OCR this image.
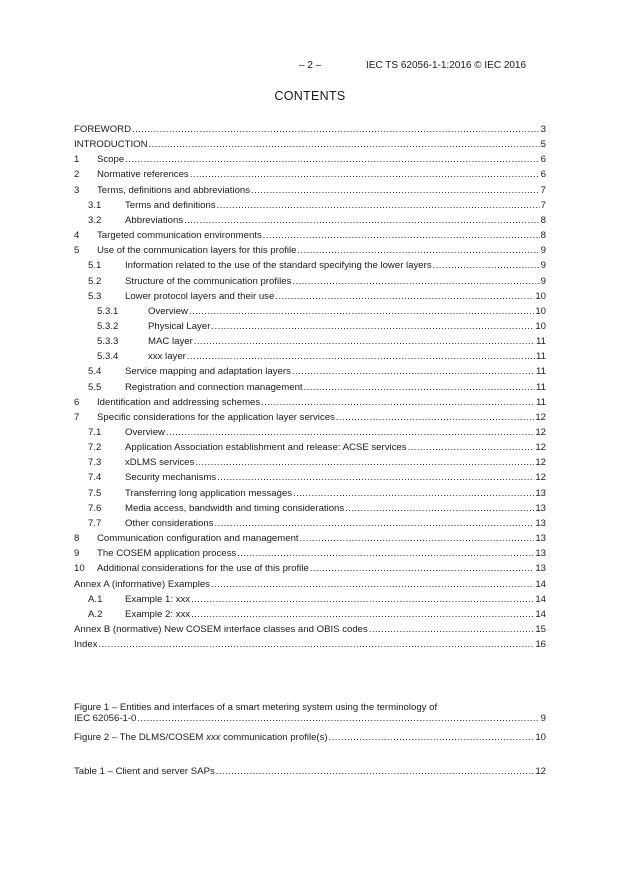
– 2 –	IEC TS 62056-1-1:2016 © IEC 2016
CONTENTS
FOREWORD .....	3
INTRODUCTION .....	5
1 Scope .....	6
2 Normative references .....	6
3 Terms, definitions and abbreviations .....	7
3.1 Terms and definitions .....	7
3.2 Abbreviations .....	8
4 Targeted communication environments .....	8
5 Use of the communication layers for this profile .....	9
5.1 Information related to the use of the standard specifying the lower layers .....	9
5.2 Structure of the communication profiles .....	9
5.3 Lower protocol layers and their use .....	10
5.3.1	Overview .....	10
5.3.2	Physical Layer .....	10
5.3.3	MAC layer .....	11
5.3.4	xxx layer .....	11
5.4 Service mapping and adaptation layers .....	11
5.5 Registration and connection management .....	11
6 Identification and addressing schemes .....	11
7 Specific considerations for the application layer services .....	12
7.1 Overview .....	12
7.2 Application Association establishment and release: ACSE services .....	12
7.3 xDLMS services .....	12
7.4 Security mechanisms .....	12
7.5 Transferring long application messages .....	13
7.6 Media access, bandwidth and timing considerations .....	13
7.7 Other considerations .....	13
8 Communication configuration and management .....	13
9 The COSEM application process .....	13
10 Additional considerations for the use of this profile .....	13
Annex A (informative) Examples .....	14
A.1 Example 1: xxx .....	14
A.2 Example 2: xxx .....	14
Annex B (normative) New COSEM interface classes and OBIS codes .....	15
Index .....	16
Figure 1 – Entities and interfaces of a smart metering system using the terminology of
IEC 62056-1-0 .....	9
Figure 2 – The DLMS/COSEM xxx communication profile(s) .....	10
Table 1 – Client and server SAPs .....	12
